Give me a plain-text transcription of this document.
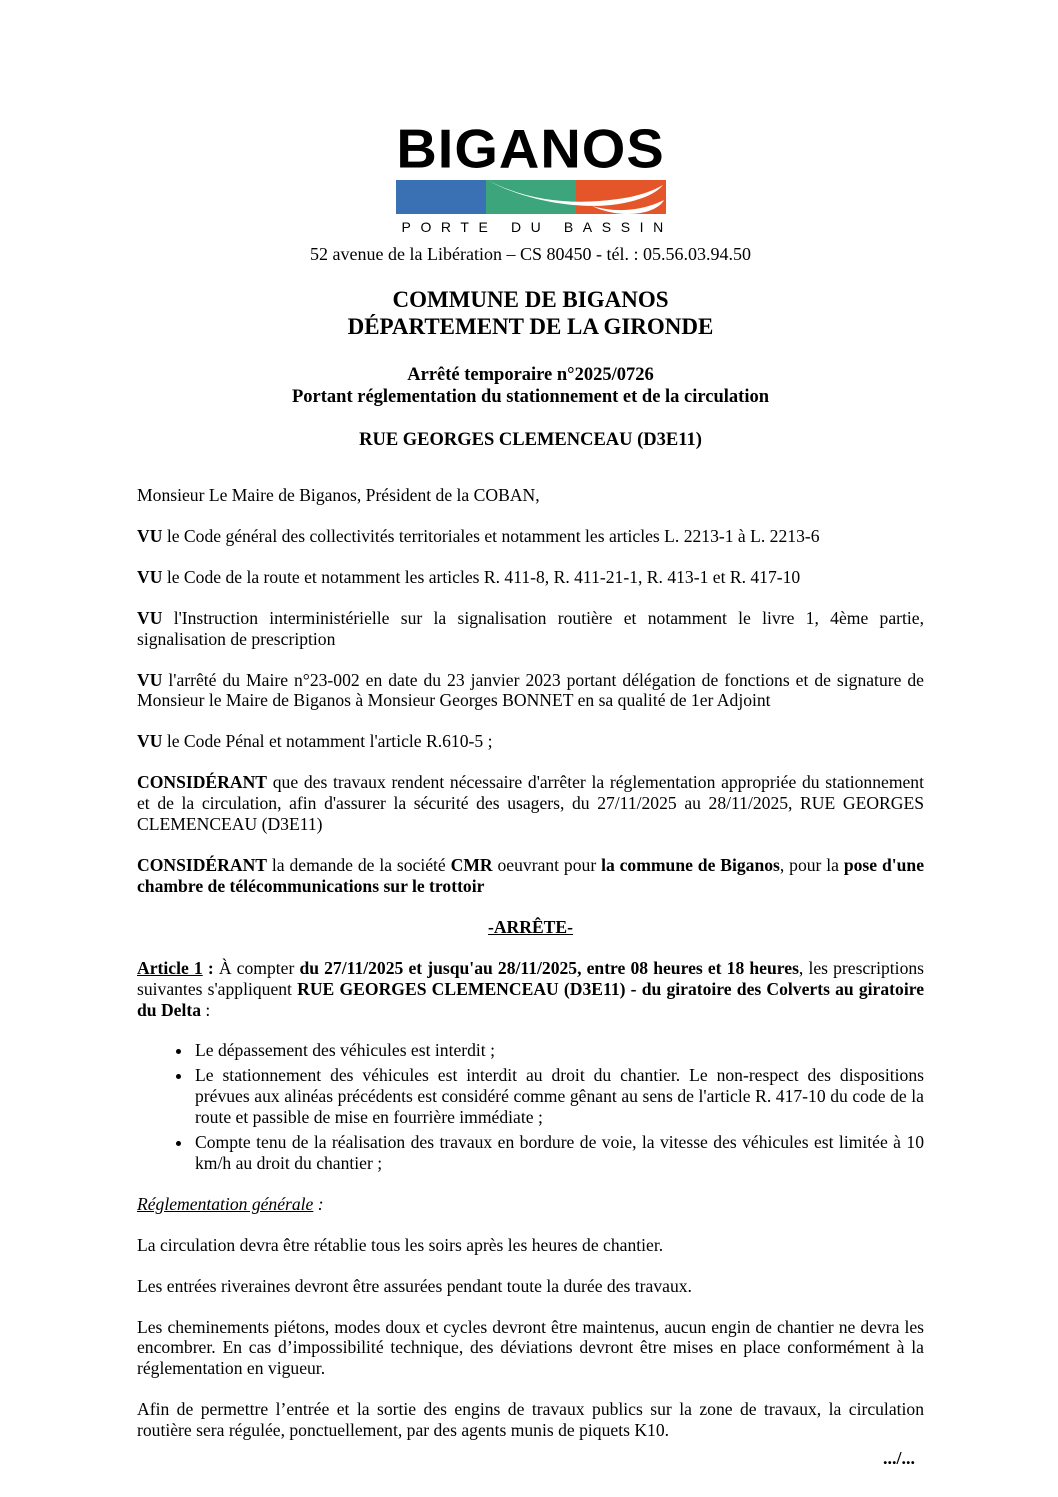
BIGANOS
PORTE DU BASSIN
52 avenue de la Libération – CS 80450 - tél. : 05.56.03.94.50
COMMUNE DE BIGANOS
DÉPARTEMENT DE LA GIRONDE
Arrêté temporaire n°2025/0726
Portant réglementation du stationnement et de la circulation
RUE GEORGES CLEMENCEAU (D3E11)

Monsieur Le Maire de Biganos, Président de la COBAN,

VU le Code général des collectivités territoriales et notamment les articles L. 2213-1 à L. 2213-6

VU le Code de la route et notamment les articles R. 411-8, R. 411-21-1, R. 413-1 et R. 417-10

VU l'Instruction interministérielle sur la signalisation routière et notamment le livre 1, 4ème partie, signalisation de prescription

VU l'arrêté du Maire n°23-002 en date du 23 janvier 2023 portant délégation de fonctions et de signature de Monsieur le Maire de Biganos à Monsieur Georges BONNET en sa qualité de 1er Adjoint

VU le Code Pénal et notamment l'article R.610-5 ;

CONSIDÉRANT que des travaux rendent nécessaire d'arrêter la réglementation appropriée du stationnement et de la circulation, afin d'assurer la sécurité des usagers, du 27/11/2025 au 28/11/2025, RUE GEORGES CLEMENCEAU (D3E11)

CONSIDÉRANT la demande de la société CMR oeuvrant pour la commune de Biganos, pour la pose d'une chambre de télécommunications sur le trottoir

-ARRÊTE-

Article 1 : À compter du 27/11/2025 et jusqu'au 28/11/2025, entre 08 heures et 18 heures, les prescriptions suivantes s'appliquent RUE GEORGES CLEMENCEAU (D3E11) - du giratoire des Colverts au giratoire du Delta :

• Le dépassement des véhicules est interdit ;
• Le stationnement des véhicules est interdit au droit du chantier. Le non-respect des dispositions prévues aux alinéas précédents est considéré comme gênant au sens de l'article R. 417-10 du code de la route et passible de mise en fourrière immédiate ;
• Compte tenu de la réalisation des travaux en bordure de voie, la vitesse des véhicules est limitée à 10 km/h au droit du chantier ;

Réglementation générale :

La circulation devra être rétablie tous les soirs après les heures de chantier.

Les entrées riveraines devront être assurées pendant toute la durée des travaux.

Les cheminements piétons, modes doux et cycles devront être maintenus, aucun engin de chantier ne devra les encombrer. En cas d’impossibilité technique, des déviations devront être mises en place conformément à la réglementation en vigueur.

Afin de permettre l’entrée et la sortie des engins de travaux publics sur la zone de travaux, la circulation routière sera régulée, ponctuellement, par des agents munis de piquets K10.

.../...
